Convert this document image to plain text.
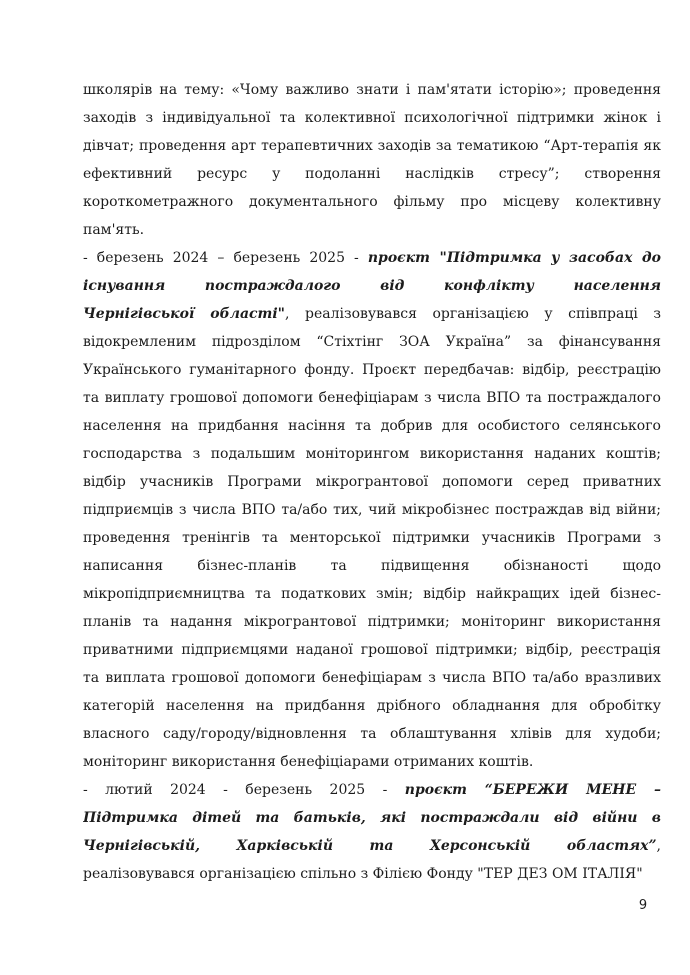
школярів на тему: «Чому важливо знати і пам'ятати історію»; проведення
заходів з індивідуальної та колективної психологічної підтримки жінок і
дівчат; проведення арт терапевтичних заходів за тематикою “Арт-терапія як
ефективний ресурс у подоланні наслідків стресу”; створення
короткометражного документального фільму про місцеву колективну
пам'ять.
- березень 2024 – березень 2025 - проєкт "Підтримка у засобах до
існування постраждалого від конфлікту населення
Чернігівської області", реалізовувався організацією у співпраці з
відокремленим підрозділом “Стіхтінг ЗОА Україна” за фінансування
Українського гуманітарного фонду. Проєкт передбачав: відбір, реєстрацію
та виплату грошової допомоги бенефіціарам з числа ВПО та постраждалого
населення на придбання насіння та добрив для особистого селянського
господарства з подальшим моніторингом використання наданих коштів;
відбір учасників Програми мікрогрантової допомоги серед приватних
підприємців з числа ВПО та/або тих, чий мікробізнес постраждав від війни;
проведення тренінгів та менторської підтримки учасників Програми з
написання бізнес-планів та підвищення обізнаності щодо
мікропідприємництва та податкових змін; відбір найкращих ідей бізнес-
планів та надання мікрогрантової підтримки; моніторинг використання
приватними підприємцями наданої грошової підтримки; відбір, реєстрація
та виплата грошової допомоги бенефіціарам з числа ВПО та/або вразливих
категорій населення на придбання дрібного обладнання для обробітку
власного саду/городу/відновлення та облаштування хлівів для худоби;
моніторинг використання бенефіціарами отриманих коштів.
- лютий 2024 - березень 2025 - проєкт “БЕРЕЖИ МЕНЕ –
Підтримка дітей та батьків, які постраждали від війни в
Чернігівській, Харківській та Херсонській областях”,
реалізовувався організацією спільно з Філією Фонду "ТЕР ДЕЗ ОМ ІТАЛІЯ"
9
